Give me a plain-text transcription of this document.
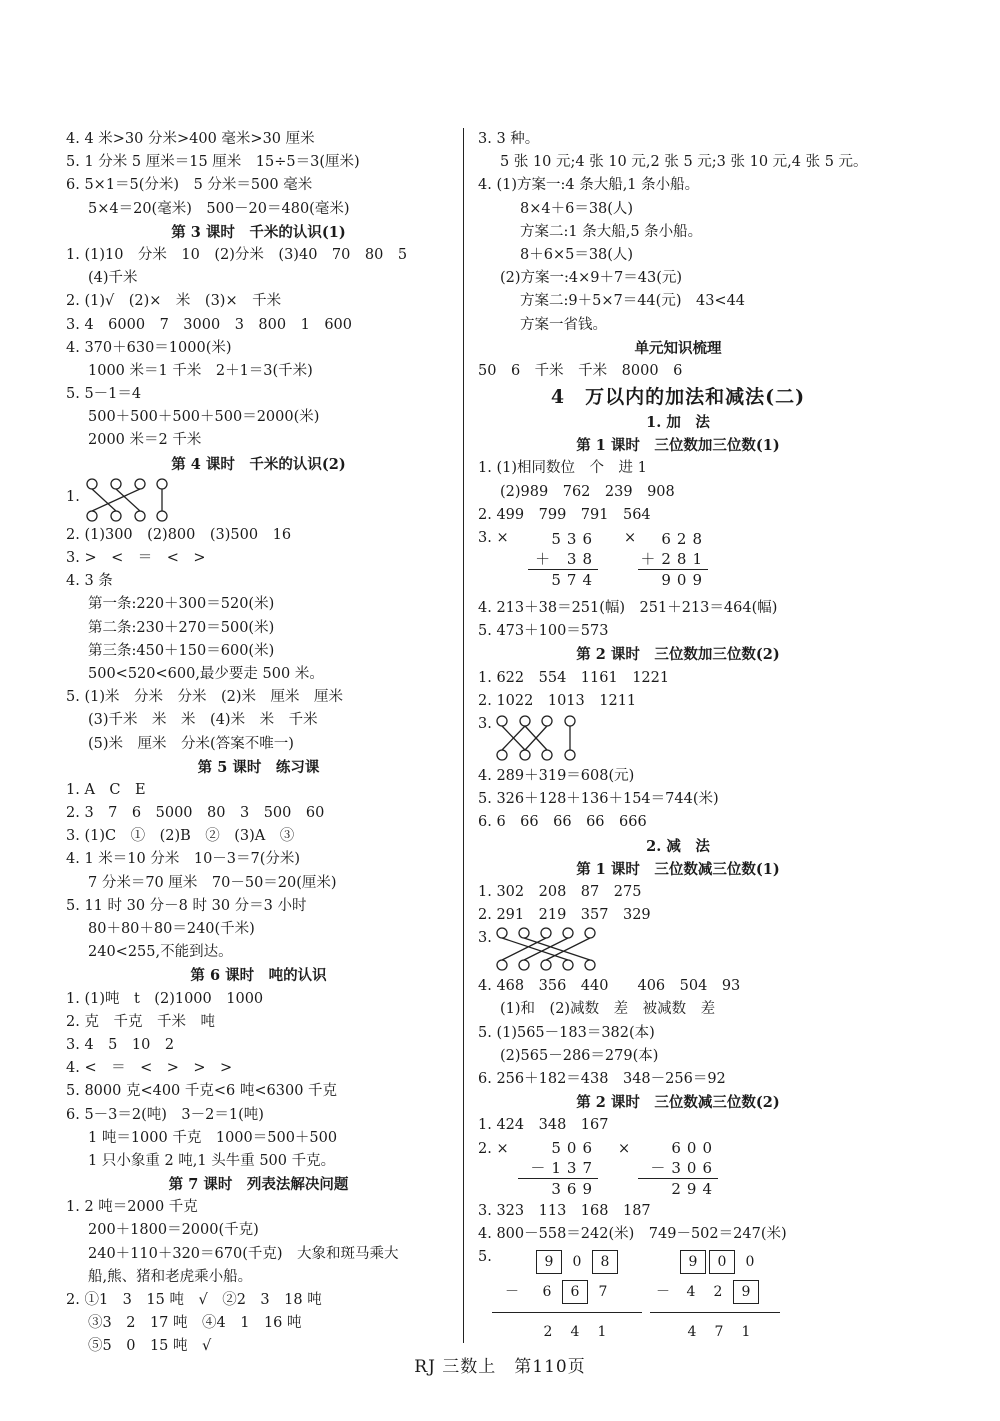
4. 4 米>30 分米>400 毫米>30 厘米
5. 1 分米 5 厘米＝15 厘米　15÷5＝3(厘米)
6. 5×1＝5(分米)　5 分米＝500 毫米
5×4＝20(毫米)　500－20＝480(毫米)
第 3 课时　千米的认识(1)
1. (1)10　分米　10　(2)分米　(3)40　70　80　5
(4)千米
2. (1)√　(2)×　米　(3)×　千米
3. 4　6000　7　3000　3　800　1　600
4. 370＋630＝1000(米)
1000 米＝1 千米　2＋1＝3(千米)
5. 5－1＝4
500＋500＋500＋500＝2000(米)
2000 米＝2 千米
第 4 课时　千米的认识(2)
1.
2. (1)300　(2)800　(3)500　16
3. >　<　＝　<　>
4. 3 条
第一条:220＋300＝520(米)
第二条:230＋270＝500(米)
第三条:450＋150＝600(米)
500<520<600,最少要走 500 米。
5. (1)米　分米　分米　(2)米　厘米　厘米
(3)千米　米　米　(4)米　米　千米
(5)米　厘米　分米(答案不唯一)
第 5 课时　练习课
1. A　C　E
2. 3　7　6　5000　80　3　500　60
3. (1)C　①　(2)B　②　(3)A　③
4. 1 米＝10 分米　10－3＝7(分米)
7 分米＝70 厘米　70－50＝20(厘米)
5. 11 时 30 分－8 时 30 分＝3 小时
80＋80＋80＝240(千米)
240<255,不能到达。
第 6 课时　吨的认识
1. (1)吨　t　(2)1000　1000
2. 克　千克　千米　吨
3. 4　5　10　2
4. <　＝　<　>　>　>
5. 8000 克<400 千克<6 吨<6300 千克
6. 5－3＝2(吨)　3－2＝1(吨)
1 吨＝1000 千克　1000＝500＋500
1 只小象重 2 吨,1 头牛重 500 千克。
第 7 课时　列表法解决问题
1. 2 吨＝2000 千克
200＋1800＝2000(千克)
240＋110＋320＝670(千克)　大象和斑马乘大
船,熊、猪和老虎乘小船。
2. ①1　3　15 吨　√　②2　3　18 吨
③3　2　17 吨　④4　1　16 吨
⑤5　0　15 吨　√
3. 3 种。
5 张 10 元;4 张 10 元,2 张 5 元;3 张 10 元,4 张 5 元。
4. (1)方案一:4 条大船,1 条小船。
8×4＋6＝38(人)
方案二:1 条大船,5 条小船。
8＋6×5＝38(人)
(2)方案一:4×9＋7＝43(元)
方案二:9＋5×7＝44(元)　43<44
方案一省钱。
单元知识梳理
50　6　千米　千米　8000　6
4　万以内的加法和减法(二)
1. 加　法
第 1 课时　三位数加三位数(1)
1. (1)相同数位　个　进 1
(2)989　762　239　908
2. 499　799　791　564
3. ×	536
＋ 38
574
×	628
＋281
909
4. 213＋38＝251(幅)　251＋213＝464(幅)
5. 473＋100＝573
第 2 课时　三位数加三位数(2)
1. 622　554　1161　1221
2. 1022　1013　1211
3.
4. 289＋319＝608(元)
5. 326＋128＋136＋154＝744(米)
6. 6　66　66　66　666
2. 减　法
第 1 课时　三位数减三位数(1)
1. 302　208　87　275
2. 291　219　357　329
3.
4. 468　356　440　　406　504　93
(1)和　(2)减数　差　被减数　差
5. (1)565－183＝382(本)
(2)565－286＝279(本)
6. 256＋182＝438　348－256＝92
第 2 课时　三位数减三位数(2)
1. 424　348　167
2. ×	506
－137
369
×	600
－306
294
3. 323　113　168　187
4. 800－558＝242(米)　749－502＝247(米)
5.	9 0 8
－ 6 6 7
2 4 1
9 0 0
－ 4 2 9
4 7 1
RJ 三数上　第110页
